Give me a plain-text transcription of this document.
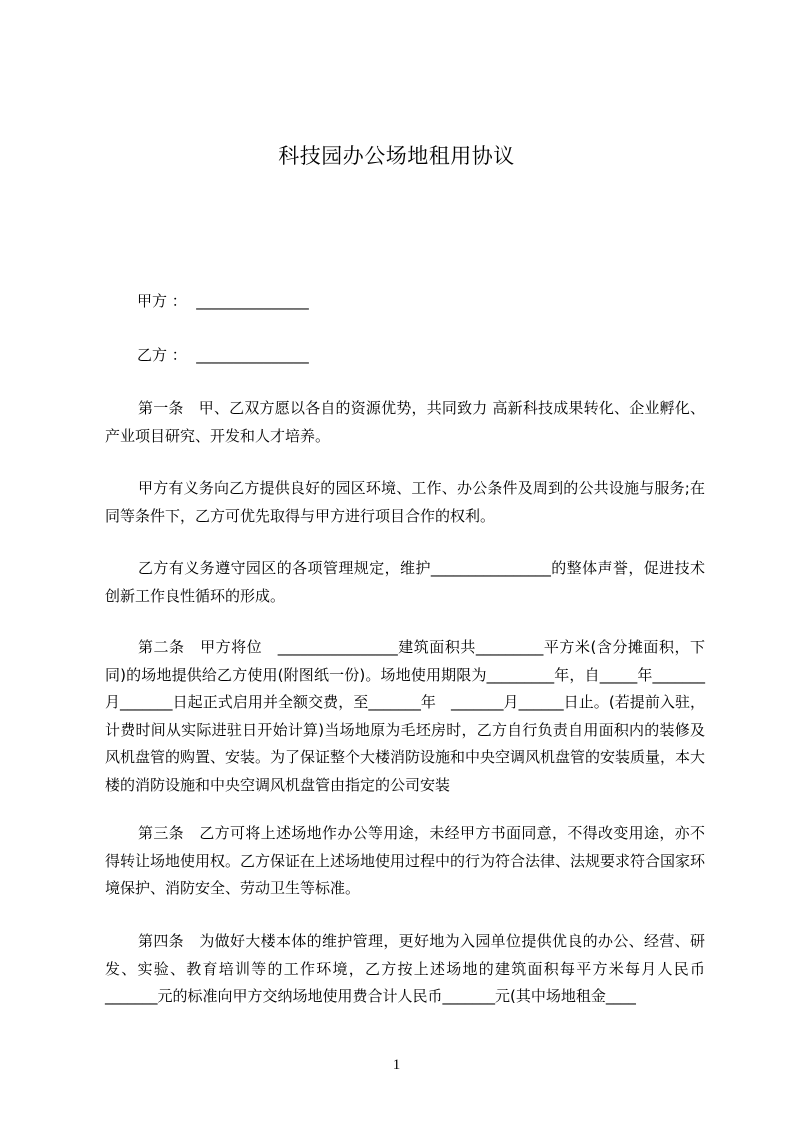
科技园办公场地租用协议
甲方 ：  _______________
乙方 ：  _______________
第一条　甲、乙双方愿以各自的资源优势，共同致力 高新科技成果转化、企业孵化、产业项目研究、开发和人才培养。
甲方有义务向乙方提供良好的园区环境、工作、办公条件及周到的公共设施与服务;在同等条件下，乙方可优先取得与甲方进行项目合作的权利。
乙方有义务遵守园区的各项管理规定，维护________________的整体声誉，促进技术创新工作良性循环的形成。
第二条　甲方将位　________________建筑面积共_________平方米(含分摊面积，下同)的场地提供给乙方使用(附图纸一份)。场地使用期限为_________年，自_____年_______月_______日起正式启用并全额交费，至_______年　_______月______日止。(若提前入驻，计费时间从实际进驻日开始计算)当场地原为毛坯房时，乙方自行负责自用面积内的装修及风机盘管的购置、安装。为了保证整个大楼消防设施和中央空调风机盘管的安装质量，本大楼的消防设施和中央空调风机盘管由指定的公司安装
第三条　乙方可将上述场地作办公等用途，未经甲方书面同意，不得改变用途，亦不得转让场地使用权。乙方保证在上述场地使用过程中的行为符合法律、法规要求符合国家环境保护、消防安全、劳动卫生等标准。
第四条　为做好大楼本体的维护管理，更好地为入园单位提供优良的办公、经营、研发、实验、教育培训等的工作环境，乙方按上述场地的建筑面积每平方米每月人民币_______元的标准向甲方交纳场地使用费合计人民币_______元(其中场地租金____
1
